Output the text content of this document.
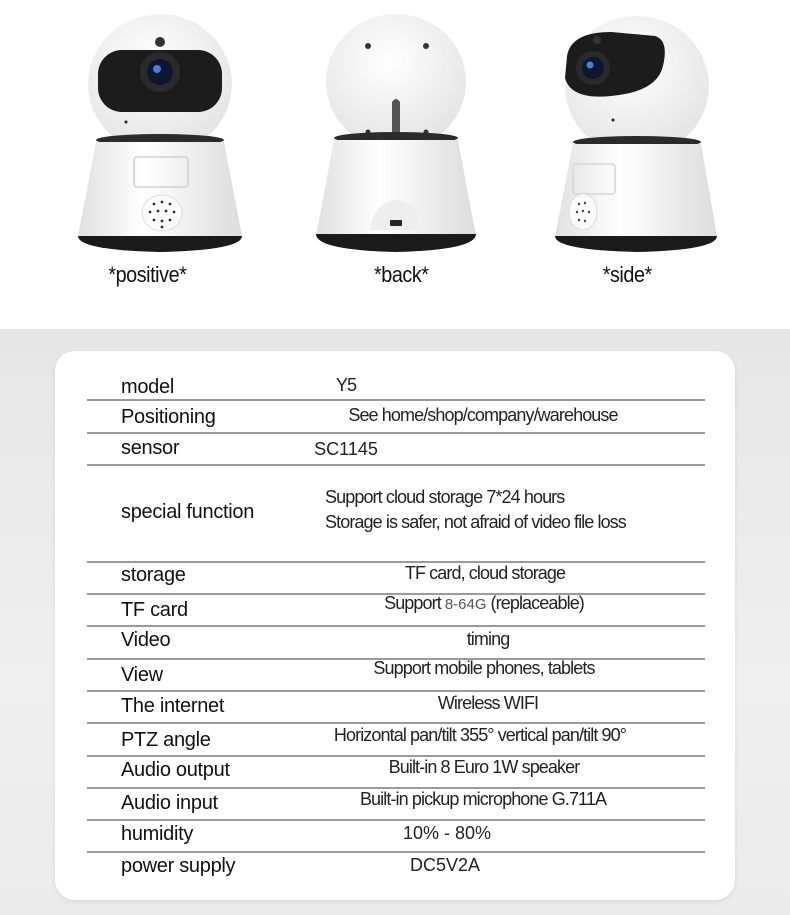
*positive*	*back*	*side*
model
Positioning
sensor
special function
storage
TF card
Video
View
The internet
PTZ angle
Audio output
Audio input
humidity
power supply
Y5
See home/shop/company/warehouse
SC1145
Support cloud storage 7*24 hours
Storage is safer, not afraid of video file loss
TF card, cloud storage
Support 8-64G (replaceable)
timing
Support mobile phones, tablets
Wireless WIFI
Horizontal pan/tilt 355° vertical pan/tilt 90°
Built-in 8 Euro 1W speaker
Built-in pickup microphone G.711A
10% - 80%
DC5V2A
